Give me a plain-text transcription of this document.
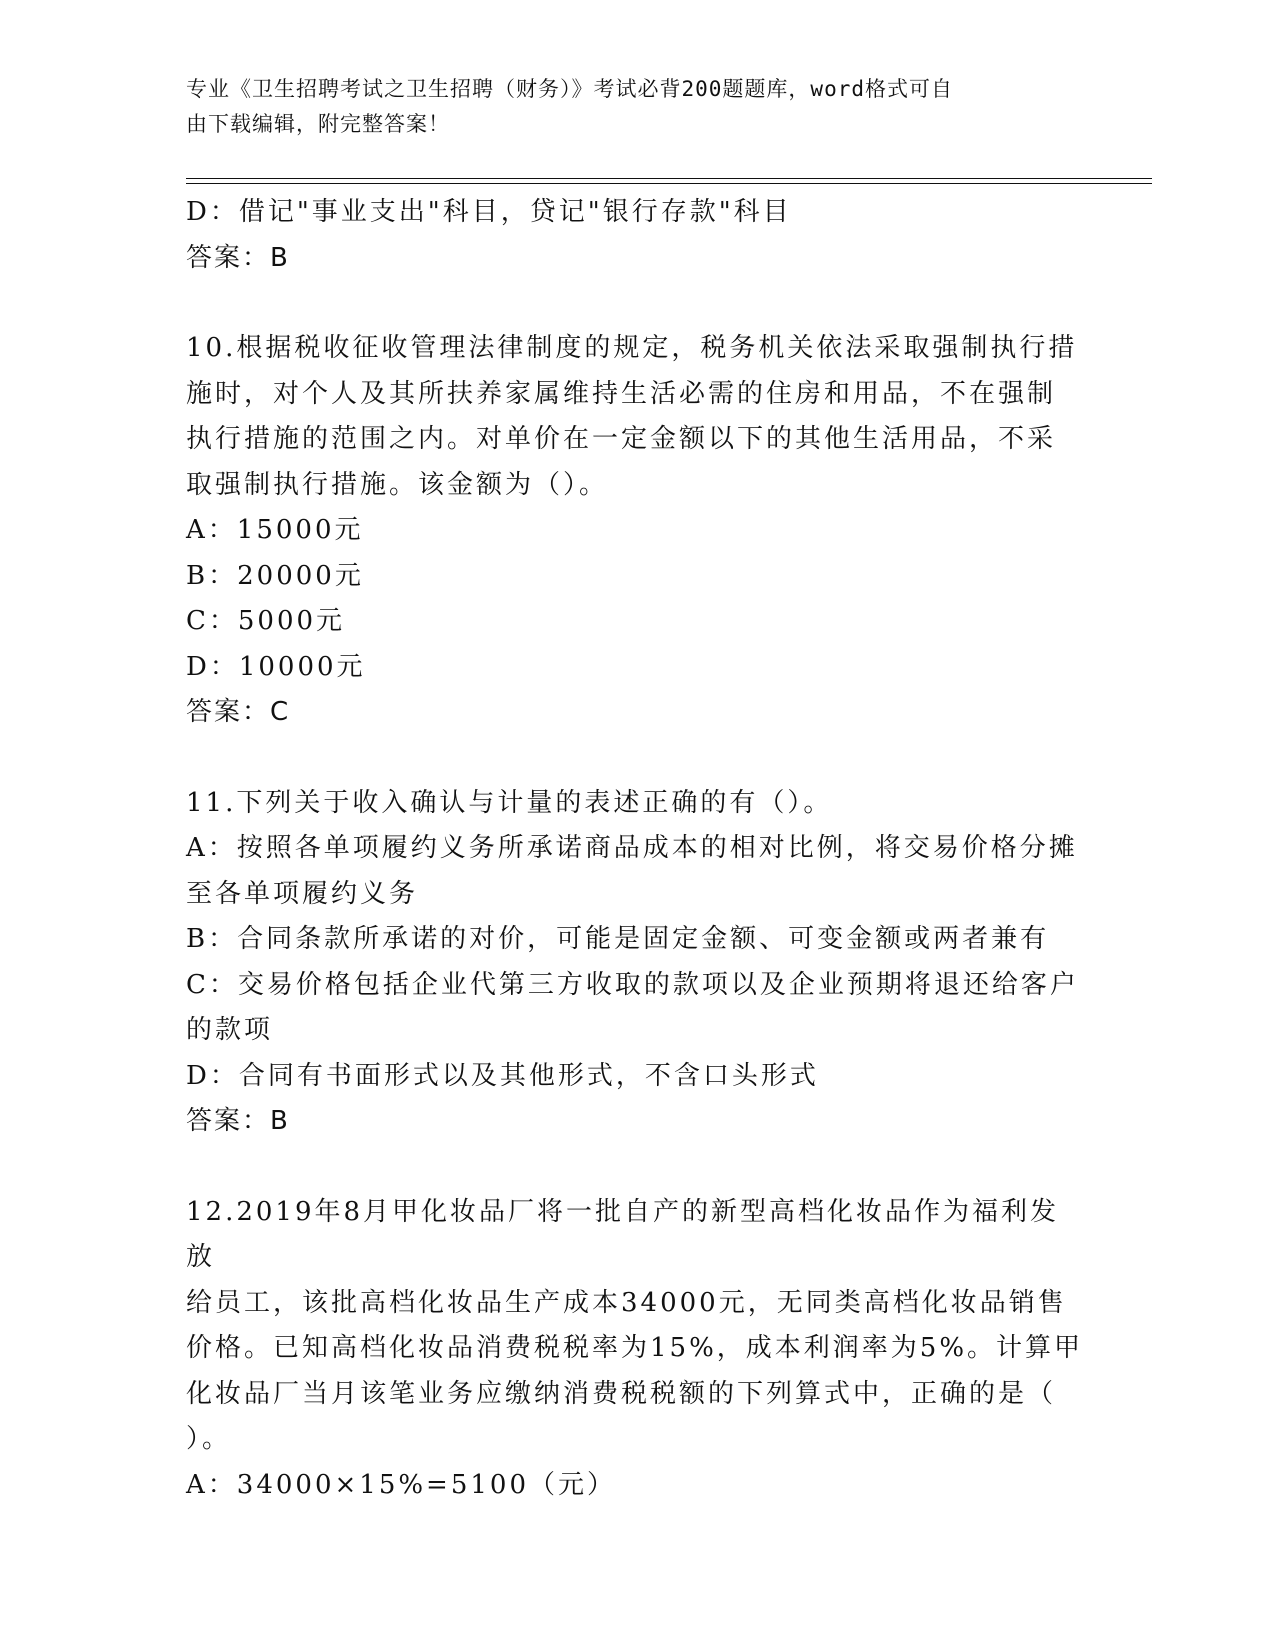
专业《卫生招聘考试之卫生招聘（财务）》考试必背200题题库，word格式可自
由下载编辑，附完整答案！

D：借记"事业支出"科目，贷记"银行存款"科目

答案：B

10.根据税收征收管理法律制度的规定，税务机关依法采取强制执行措

施时，对个人及其所扶养家属维持生活必需的住房和用品，不在强制

执行措施的范围之内。对单价在一定金额以下的其他生活用品，不采

取强制执行措施。该金额为（）。

A：15000元

B：20000元

C：5000元

D：10000元

答案：C

11.下列关于收入确认与计量的表述正确的有（）。

A：按照各单项履约义务所承诺商品成本的相对比例，将交易价格分摊

至各单项履约义务

B：合同条款所承诺的对价，可能是固定金额、可变金额或两者兼有

C：交易价格包括企业代第三方收取的款项以及企业预期将退还给客户

的款项

D：合同有书面形式以及其他形式，不含口头形式

答案：B

12.2019年8月甲化妆品厂将一批自产的新型高档化妆品作为福利发放

给员工，该批高档化妆品生产成本34000元，无同类高档化妆品销售

价格。已知高档化妆品消费税税率为15%，成本利润率为5%。计算甲

化妆品厂当月该笔业务应缴纳消费税税额的下列算式中，正确的是（

）。

A：34000×15%=5100（元）
